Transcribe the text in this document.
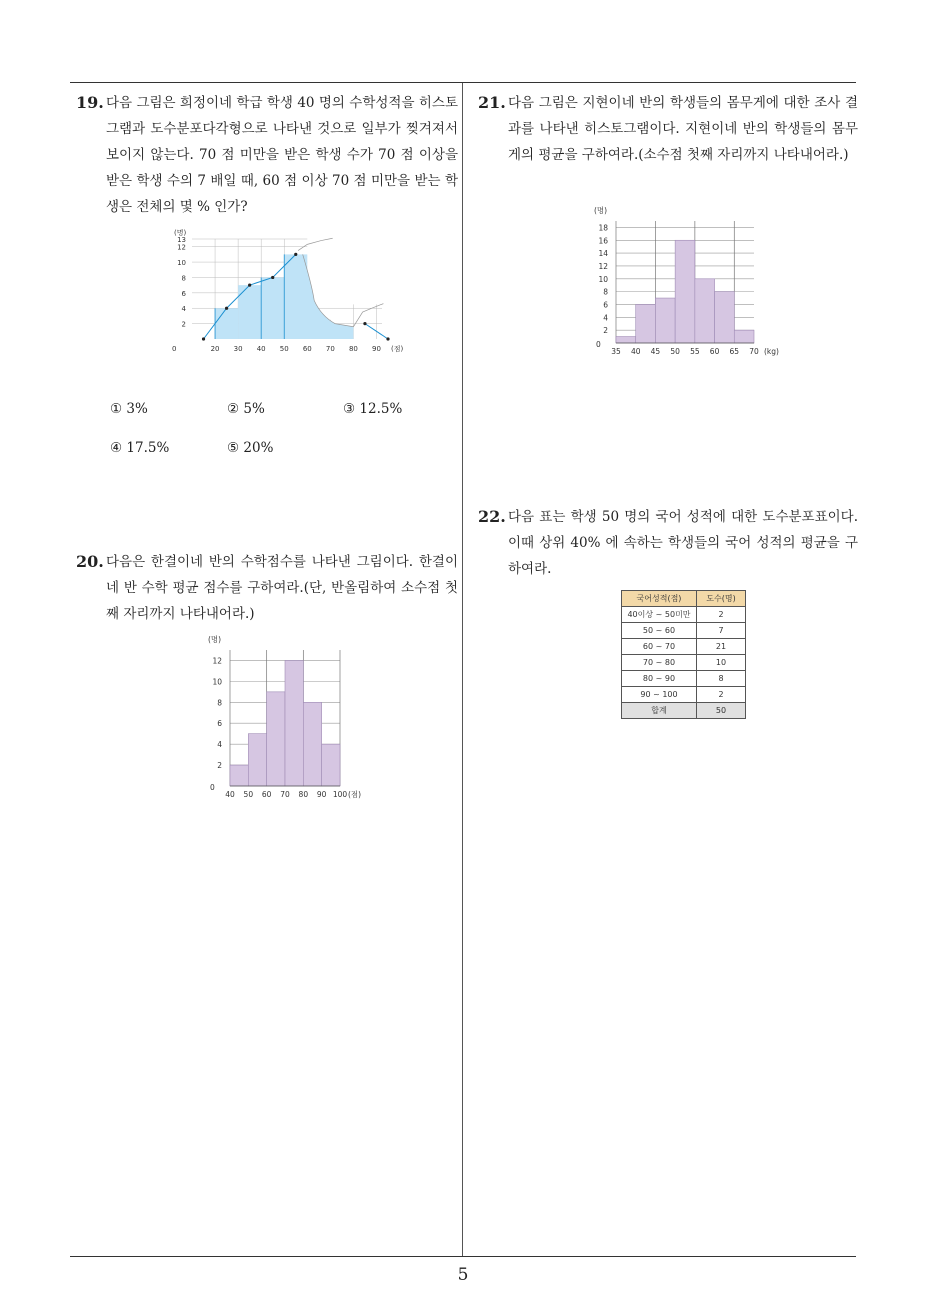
19. 다음 그림은 희정이네 학급 학생 40 명의 수학성적을 히스토그램과 도수분포다각형으로 나타낸 것으로 일부가 찢겨져서 보이지 않는다. 70 점 미만을 받은 학생 수가 70 점 이상을 받은 학생 수의 7 배일 때, 60 점 이상 70 점 미만을 받는 학생은 전체의 몇 % 인가?
2
4
6
8
10
12
13
20 30 40 50 60 70 80 90 (점)
0
(명)
① 3%	② 5%	③ 12.5%
④ 17.5%	⑤ 20%
20. 다음은 한결이네 반의 수학점수를 나타낸 그림이다. 한결이네 반 수학 평균 점수를 구하여라.(단, 반올림하여 소수점 첫째 자리까지 나타내어라.)
2
4
6
8
10
12
40 50 60 70 80 90 100 (점)
0
(명)
21. 다음 그림은 지현이네 반의 학생들의 몸무게에 대한 조사 결과를 나타낸 히스토그램이다. 지현이네 반의 학생들의 몸무게의 평균을 구하여라.(소수점 첫째 자리까지 나타내어라.)
2
4
6
8
10
12
14
16
18
35 40 45 50 55 60 65 70 (kg)
0
(명)
22. 다음 표는 학생 50 명의 국어 성적에 대한 도수분포표이다. 이때 상위 40% 에 속하는 학생들의 국어 성적의 평균을 구하여라.
국어성적(점)	도수(명)
40이상 ~ 50미만	2
50 ~ 60	7
60 ~ 70	21
70 ~ 80	10
80 ~ 90	8
90 ~ 100	2
합계	50
5
